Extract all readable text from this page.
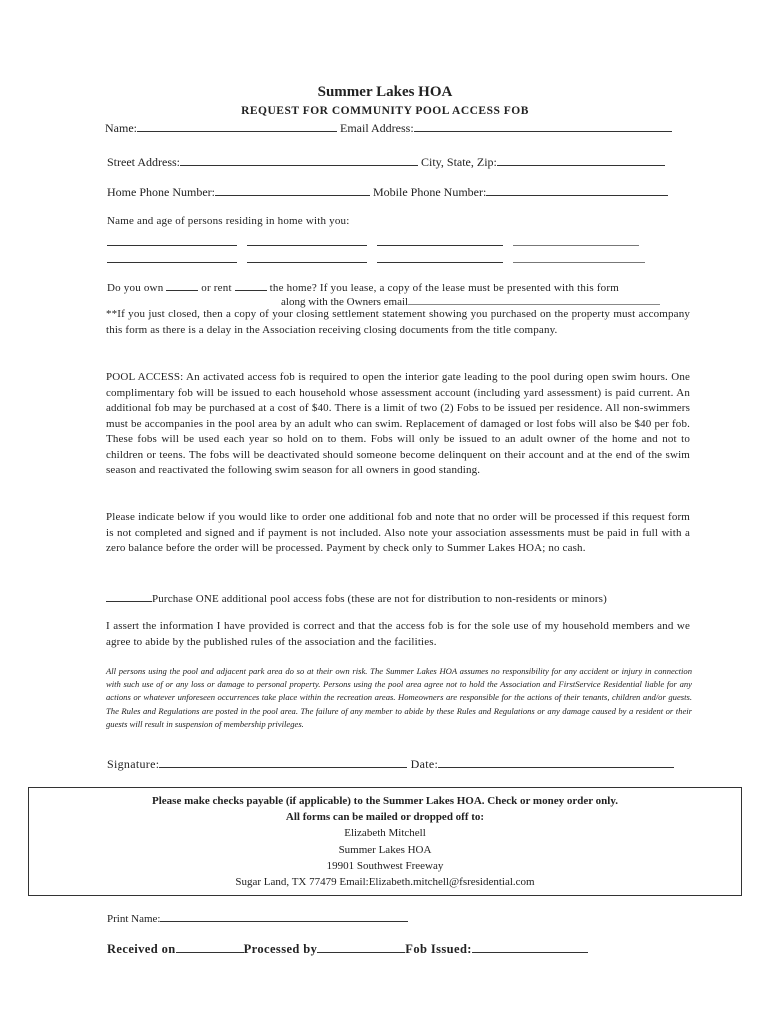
Summer Lakes HOA
REQUEST FOR COMMUNITY POOL ACCESS FOB
Name:	Email Address:
Street Address:	City, State, Zip:
Home Phone Number:	Mobile Phone Number:
Name and age of persons residing in home with you:
Do you own	or rent	the home? If you lease, a copy of the lease must be presented with this form
along with the Owners email
**If you just closed, then a copy of your closing settlement statement showing you purchased on the property must accompany this form as there is a delay in the Association receiving closing documents from the title company.
POOL ACCESS: An activated access fob is required to open the interior gate leading to the pool during open swim hours. One complimentary fob will be issued to each household whose assessment account (including yard assessment) is paid current. An additional fob may be purchased at a cost of $40. There is a limit of two (2) Fobs to be issued per residence. All non-swimmers must be accompanies in the pool area by an adult who can swim. Replacement of damaged or lost fobs will also be $40 per fob. These fobs will be used each year so hold on to them. Fobs will only be issued to an adult owner of the home and not to children or teens. The fobs will be deactivated should someone become delinquent on their account and at the end of the swim season and reactivated the following swim season for all owners in good standing.
Please indicate below if you would like to order one additional fob and note that no order will be processed if this request form is not completed and signed and if payment is not included. Also note your association assessments must be paid in full with a zero balance before the order will be processed. Payment by check only to Summer Lakes HOA; no cash.
Purchase ONE additional pool access fobs (these are not for distribution to non-residents or minors)
I assert the information I have provided is correct and that the access fob is for the sole use of my household members and we agree to abide by the published rules of the association and the facilities.
All persons using the pool and adjacent park area do so at their own risk. The Summer Lakes HOA assumes no responsibility for any accident or injury in connection with such use of or any loss or damage to personal property. Persons using the pool area agree not to hold the Association and FirstService Residential liable for any actions or whatever unforeseen occurrences take place within the recreation areas. Homeowners are responsible for the actions of their tenants, children and/or guests. The Rules and Regulations are posted in the pool area. The failure of any member to abide by these Rules and Regulations or any damage caused by a resident or their guests will result in suspension of membership privileges.
Signature:	Date:
Please make checks payable (if applicable) to the Summer Lakes HOA. Check or money order only.
All forms can be mailed or dropped off to:
Elizabeth Mitchell
Summer Lakes HOA
19901 Southwest Freeway
Sugar Land, TX 77479 Email:Elizabeth.mitchell@fsresidential.com
Print Name:
Received on	Processed by	Fob Issued:
